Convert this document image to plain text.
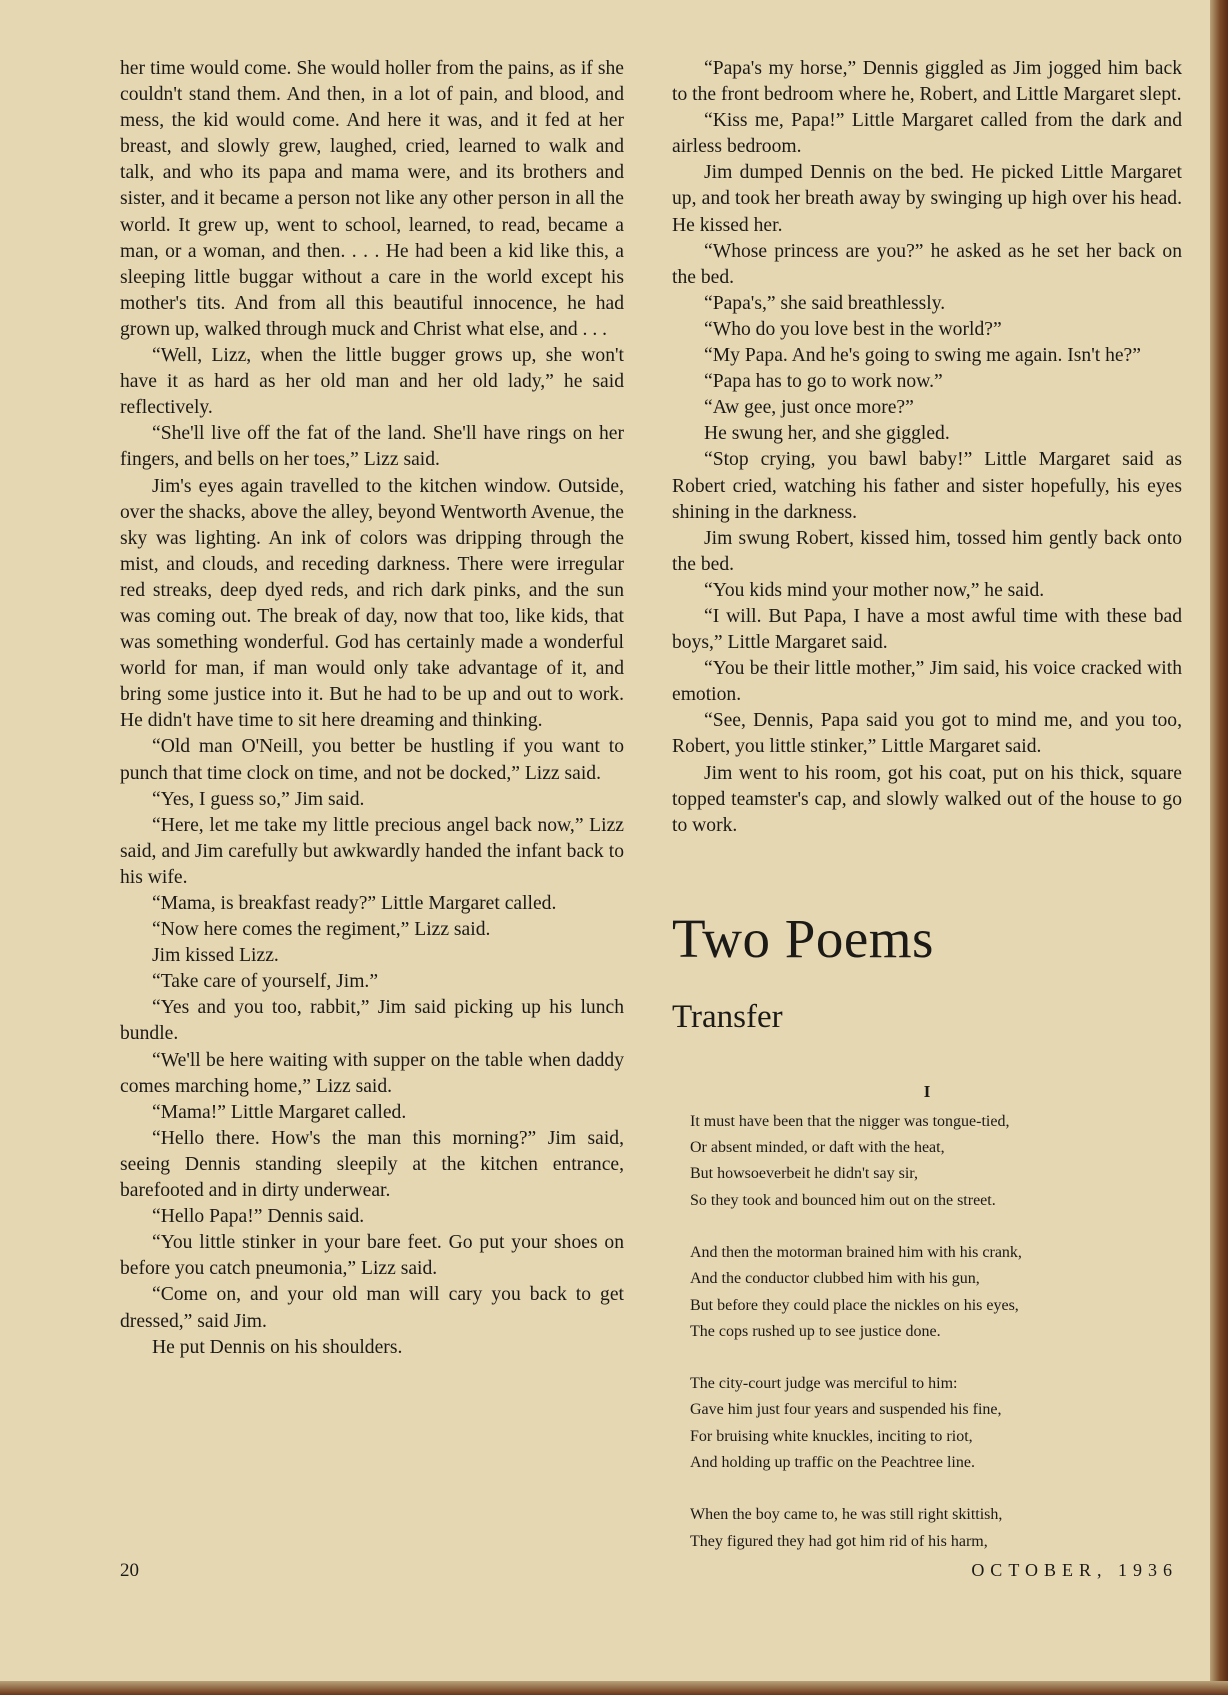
her time would come. She would holler from the pains, as if she couldn't stand them. And then, in a lot of pain, and blood, and mess, the kid would come. And here it was, and it fed at her breast, and slowly grew, laughed, cried, learned to walk and talk, and who its papa and mama were, and its brothers and sister, and it became a person not like any other person in all the world. It grew up, went to school, learned, to read, became a man, or a woman, and then. . . . He had been a kid like this, a sleeping little buggar without a care in the world except his mother's tits. And from all this beautiful innocence, he had grown up, walked through muck and Christ what else, and . . .

“Well, Lizz, when the little bugger grows up, she won't have it as hard as her old man and her old lady,” he said reflectively.

“She'll live off the fat of the land. She'll have rings on her fingers, and bells on her toes,” Lizz said.

Jim's eyes again travelled to the kitchen window. Outside, over the shacks, above the alley, beyond Wentworth Avenue, the sky was lighting. An ink of colors was dripping through the mist, and clouds, and receding darkness. There were irregular red streaks, deep dyed reds, and rich dark pinks, and the sun was coming out. The break of day, now that too, like kids, that was something wonderful. God has certainly made a wonderful world for man, if man would only take advantage of it, and bring some justice into it. But he had to be up and out to work. He didn't have time to sit here dreaming and thinking.

“Old man O'Neill, you better be hustling if you want to punch that time clock on time, and not be docked,” Lizz said.

“Yes, I guess so,” Jim said.

“Here, let me take my little precious angel back now,” Lizz said, and Jim carefully but awkwardly handed the infant back to his wife.

“Mama, is breakfast ready?” Little Margaret called.

“Now here comes the regiment,” Lizz said.

Jim kissed Lizz.

“Take care of yourself, Jim.”

“Yes and you too, rabbit,” Jim said picking up his lunch bundle.

“We'll be here waiting with supper on the table when daddy comes marching home,” Lizz said.

“Mama!” Little Margaret called.

“Hello there. How's the man this morning?” Jim said, seeing Dennis standing sleepily at the kitchen entrance, barefooted and in dirty underwear.

“Hello Papa!” Dennis said.

“You little stinker in your bare feet. Go put your shoes on before you catch pneumonia,” Lizz said.

“Come on, and your old man will cary you back to get dressed,” said Jim.

He put Dennis on his shoulders.

“Papa's my horse,” Dennis giggled as Jim jogged him back to the front bedroom where he, Robert, and Little Margaret slept.

“Kiss me, Papa!” Little Margaret called from the dark and airless bedroom.

Jim dumped Dennis on the bed. He picked Little Margaret up, and took her breath away by swinging up high over his head. He kissed her.

“Whose princess are you?” he asked as he set her back on the bed.

“Papa's,” she said breathlessly.

“Who do you love best in the world?”

“My Papa. And he's going to swing me again. Isn't he?”

“Papa has to go to work now.”

“Aw gee, just once more?”

He swung her, and she giggled.

“Stop crying, you bawl baby!” Little Margaret said as Robert cried, watching his father and sister hopefully, his eyes shining in the darkness.

Jim swung Robert, kissed him, tossed him gently back onto the bed.

“You kids mind your mother now,” he said.

“I will. But Papa, I have a most awful time with these bad boys,” Little Margaret said.

“You be their little mother,” Jim said, his voice cracked with emotion.

“See, Dennis, Papa said you got to mind me, and you too, Robert, you little stinker,” Little Margaret said.

Jim went to his room, got his coat, put on his thick, square topped teamster's cap, and slowly walked out of the house to go to work.

Two Poems
Transfer
I
It must have been that the nigger was tongue-tied,
Or absent minded, or daft with the heat,
But howsoeverbeit he didn't say sir,
So they took and bounced him out on the street.
And then the motorman brained him with his crank,
And the conductor clubbed him with his gun,
But before they could place the nickles on his eyes,
The cops rushed up to see justice done.
The city-court judge was merciful to him:
Gave him just four years and suspended his fine,
For bruising white knuckles, inciting to riot,
And holding up traffic on the Peachtree line.
When the boy came to, he was still right skittish,
They figured they had got him rid of his harm,
20	OCTOBER, 1936
